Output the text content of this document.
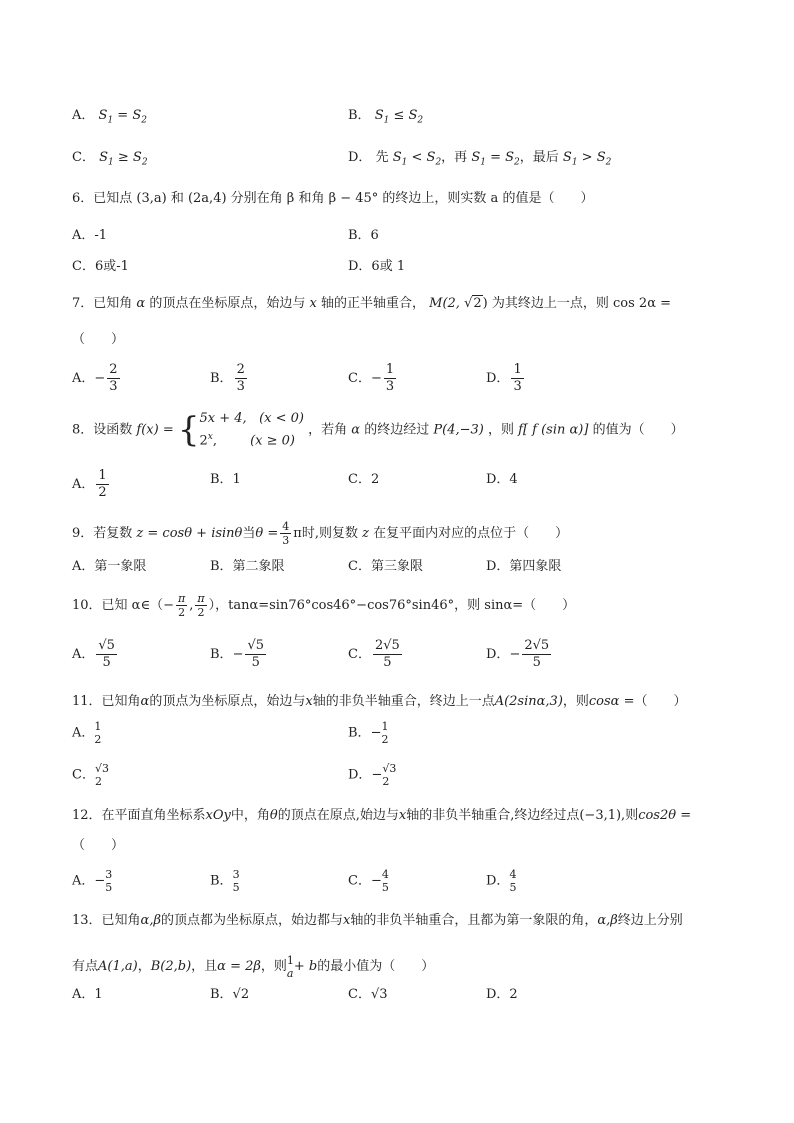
A． $S_1 = S_2$	B． $S_1 \le S_2$
C． $S_1 \ge S_2$	D． 先 $S_1 < S_2$，再 $S_1 = S_2$，最后 $S_1 > S_2$
6．已知点 (3,a) 和 (2a,4) 分别在角 β 和角 β − 45° 的终边上，则实数 a 的值是（　　）
A．-1	B．6
C．6或-1	D．6或 1
7．已知角 α 的顶点在坐标原点，始边与 x 轴的正半轴重合， M(2, √2) 为其终边上一点，则 cos 2α =
（　　）
A．− $\frac{2}{3}$	B． $\frac{2}{3}$	C．− $\frac{1}{3}$	D． $\frac{1}{3}$
8．设函数 f(x) = { 5x + 4, (x < 0)
2$^x$,	(x ≥ 0)
，若角 α 的终边经过 P(4,−3) ，则 f[ f (sin α)] 的值为（　　）
A． $\frac{1}{2}$	B．1	C．2	D．4
9．若复数 z = cosθ + isinθ当$\theta = \frac{4}{3}$ π时,则复数 z 在复平面内对应的点位于（　　）
A．第一象限	B．第二象限	C．第三象限	D．第四象限
10．已知 α∈（− $\frac{\pi}{2}$ , $\frac{\pi}{2}$ ），tanα=sin76°cos46°−cos76°sin46°，则 sinα=（　　）
A． $\frac{√5}{5}$	B．− $\frac{√5}{5}$	C． $\frac{2√5}{5}$	D．− $\frac{2√5}{5}$
11．已知角α的顶点为坐标原点，始边与x轴的非负半轴重合，终边上一点A(2sinα,3)，则cosα =（　　）
A． 1
2	B．− 1
2
C． √3
2	D．− √3
2
12．在平面直角坐标系xOy中，角θ的顶点在原点,始边与x轴的非负半轴重合,终边经过点(−3,1),则cos2θ =
（　　）
A．− 3
5	B． 3
5	C．− 4
5	D． 4
5
13．已知角α,β的顶点都为坐标原点，始边都与x轴的非负半轴重合，且都为第一象限的角，α,β终边上分别
有点A(1,a)，B(2,b)，且α = 2β，则 1
a + b的最小值为（　　）
A．1	B．√2	C．√3	D．2
